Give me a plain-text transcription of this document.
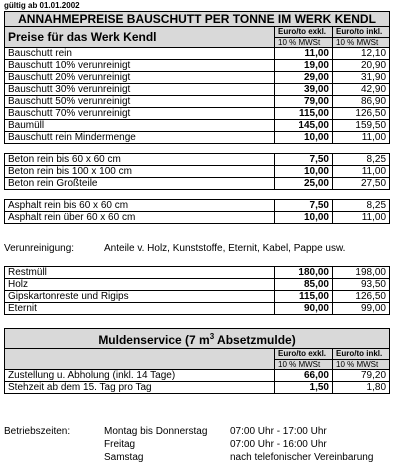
gültig ab 01.01.2002
ANNAHMEPREISE BAUSCHUTT PER TONNE IM WERK KENDL		
Preise für das Werk Kendl	Euro/to exkl.	Euro/to inkl.
	10 % MWSt	10 % MWSt
Bauschutt rein	11,00	12,10
Bauschutt 10% verunreinigt	19,00	20,90
Bauschutt 20% verunreinigt	29,00	31,90
Bauschutt 30% verunreinigt	39,00	42,90
Bauschutt 50% verunreinigt	79,00	86,90
Bauschutt 70% verunreinigt	115,00	126,50
Baumüll	145,00	159,50
Bauschutt rein Mindermenge	10,00	11,00

Beton rein bis 60 x 60 cm	7,50	8,25
Beton rein bis 100 x 100 cm	10,00	11,00
Beton rein Großteile	25,00	27,50

Asphalt rein bis 60 x 60 cm	7,50	8,25
Asphalt rein über 60 x 60 cm	10,00	11,00
Verunreinigung:	Anteile v. Holz, Kunststoffe, Eternit, Kabel, Pappe usw.
Restmüll	180,00	198,00
Holz	85,00	93,50
Gipskartonreste und Rigips	115,00	126,50
Eternit	90,00	99,00
Muldenservice (7 $m^3$ Absetzmulde)		
	Euro/to exkl.	Euro/to inkl.
	10 % MWSt	10 % MWSt
Zustellung u. Abholung (inkl. 14 Tage)	66,00	79,20
Stehzeit ab dem 15. Tag pro Tag	1,50	1,80
Betriebszeiten:	Montag bis Donnerstag 07:00 Uhr - 17:00 Uhr
Freitag	07:00 Uhr - 16:00 Uhr
Samstag	nach telefonischer Vereinbarung
